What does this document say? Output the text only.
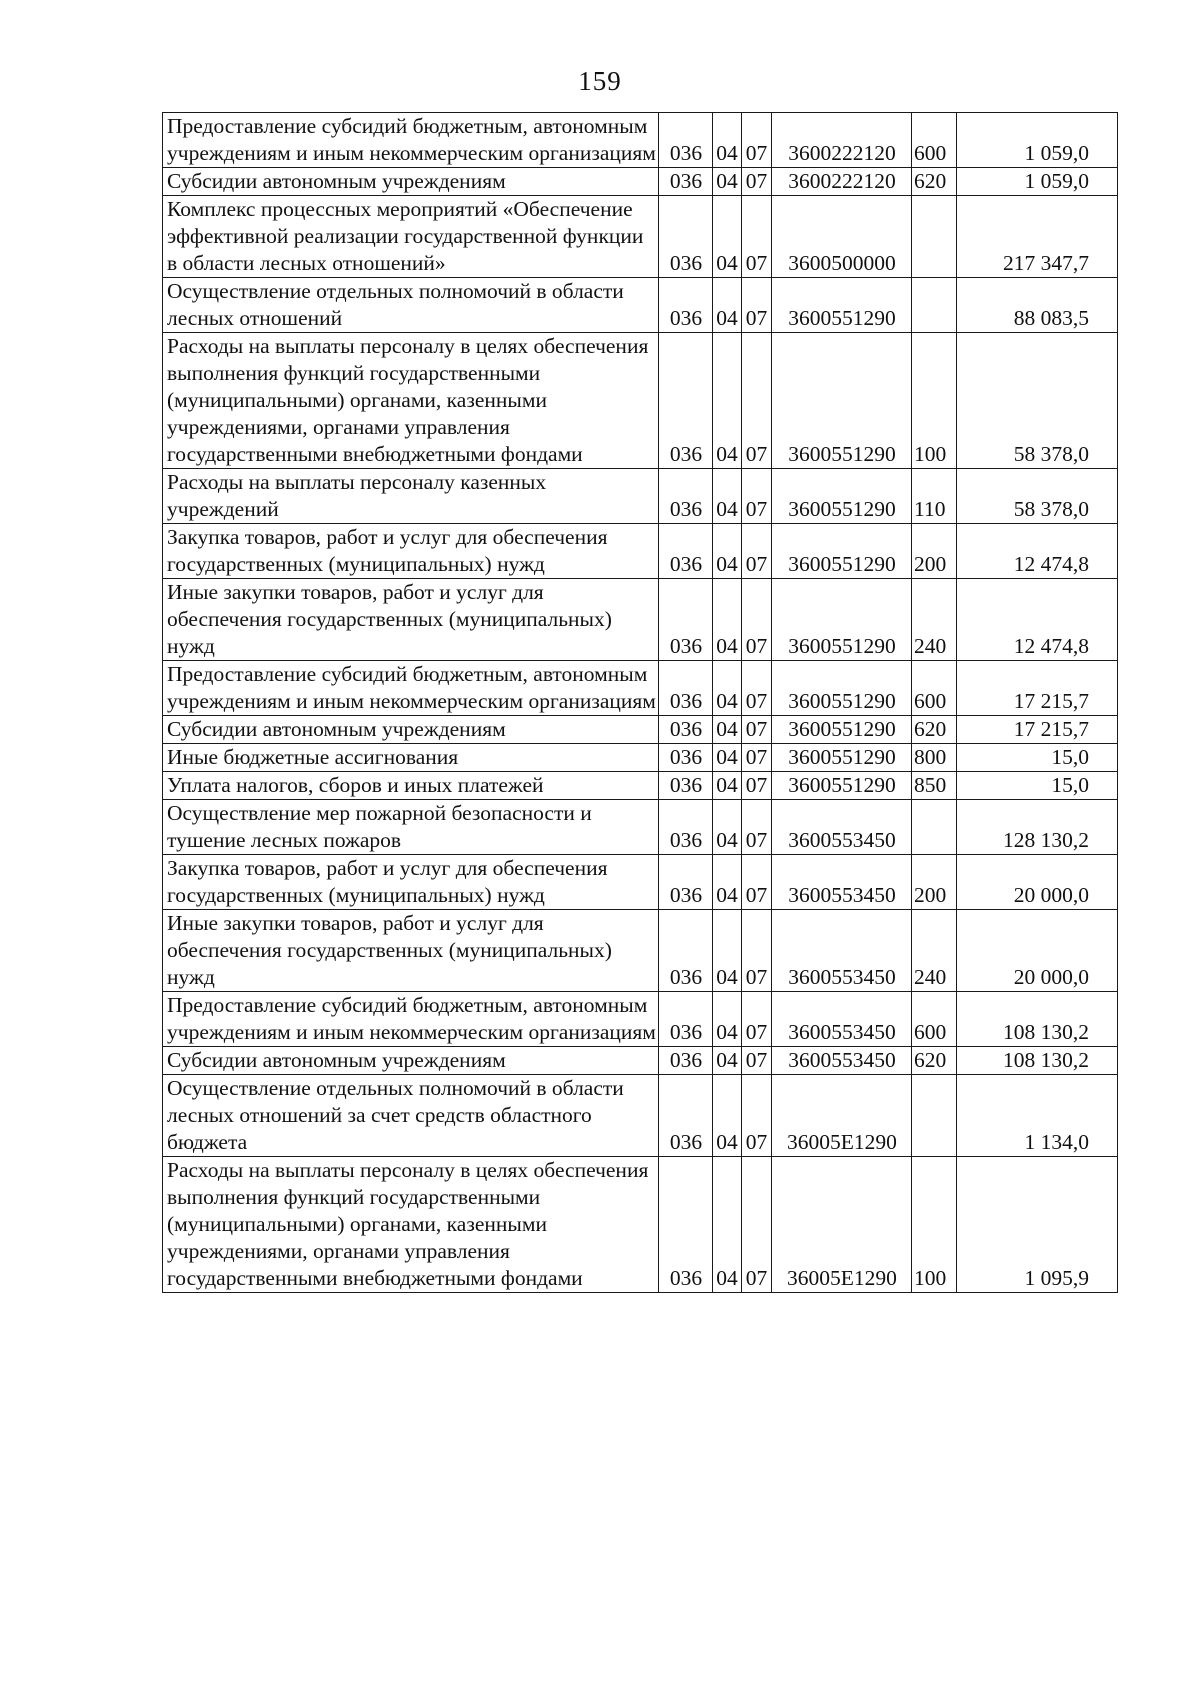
159
Предоставление субсидий бюджетным, автономным учреждениям и иным некоммерческим организациям	036	04	07	3600222120	600	1 059,0
Субсидии автономным учреждениям	036	04	07	3600222120	620	1 059,0
Комплекс процессных мероприятий «Обеспечение эффективной реализации государственной функции в области лесных отношений»	036	04	07	3600500000		217 347,7
Осуществление отдельных полномочий в области лесных отношений	036	04	07	3600551290		88 083,5
Расходы на выплаты персоналу в целях обеспечения выполнения функций государственными (муниципальными) органами, казенными учреждениями, органами управления государственными внебюджетными фондами	036	04	07	3600551290	100	58 378,0
Расходы на выплаты персоналу казенных учреждений	036	04	07	3600551290	110	58 378,0
Закупка товаров, работ и услуг для обеспечения государственных (муниципальных) нужд	036	04	07	3600551290	200	12 474,8
Иные закупки товаров, работ и услуг для обеспечения государственных (муниципальных) нужд	036	04	07	3600551290	240	12 474,8
Предоставление субсидий бюджетным, автономным учреждениям и иным некоммерческим организациям	036	04	07	3600551290	600	17 215,7
Субсидии автономным учреждениям	036	04	07	3600551290	620	17 215,7
Иные бюджетные ассигнования	036	04	07	3600551290	800	15,0
Уплата налогов, сборов и иных платежей	036	04	07	3600551290	850	15,0
Осуществление мер пожарной безопасности и тушение лесных пожаров	036	04	07	3600553450		128 130,2
Закупка товаров, работ и услуг для обеспечения государственных (муниципальных) нужд	036	04	07	3600553450	200	20 000,0
Иные закупки товаров, работ и услуг для обеспечения государственных (муниципальных) нужд	036	04	07	3600553450	240	20 000,0
Предоставление субсидий бюджетным, автономным учреждениям и иным некоммерческим организациям	036	04	07	3600553450	600	108 130,2
Субсидии автономным учреждениям	036	04	07	3600553450	620	108 130,2
Осуществление отдельных полномочий в области лесных отношений за счет средств областного бюджета	036	04	07	36005Е1290		1 134,0
Расходы на выплаты персоналу в целях обеспечения выполнения функций государственными (муниципальными) органами, казенными учреждениями, органами управления государственными внебюджетными фондами	036	04	07	36005Е1290	100	1 095,9
